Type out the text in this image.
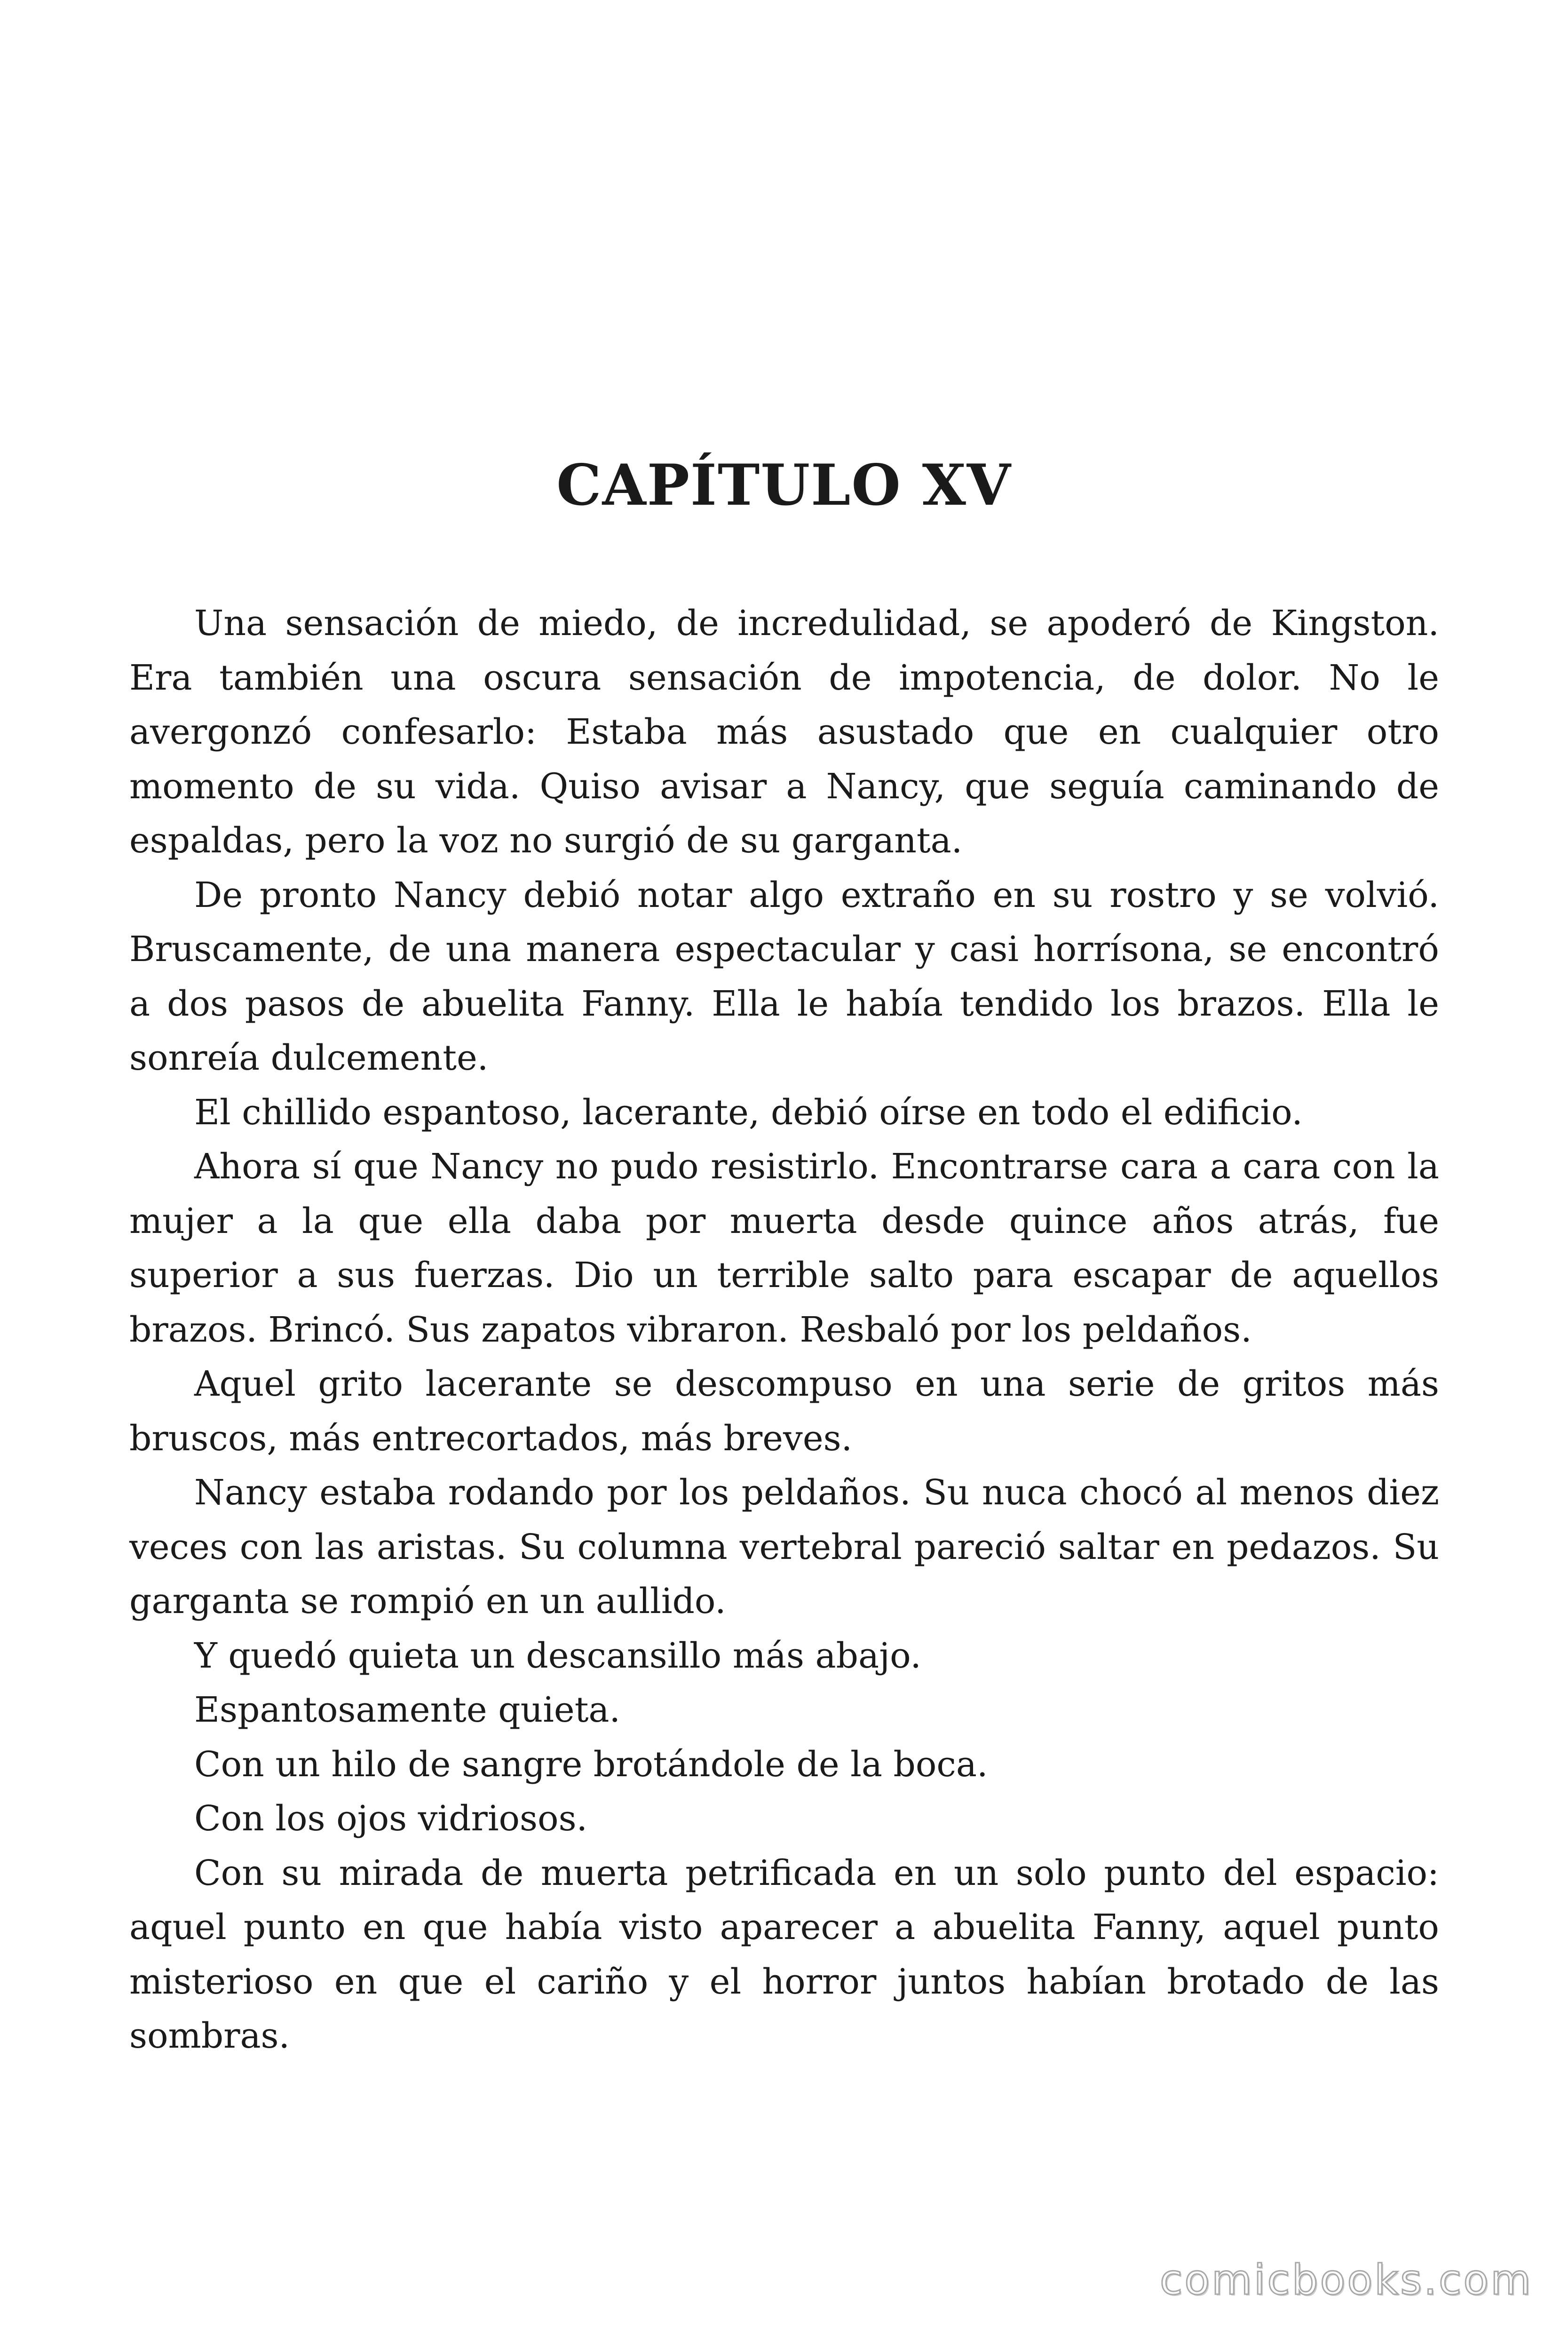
CAPÍTULO XV

Una sensación de miedo, de incredulidad, se apoderó de Kingston. Era también una oscura sensación de impotencia, de dolor. No le avergonzó confesarlo: Estaba más asustado que en cualquier otro momento de su vida. Quiso avisar a Nancy, que seguía caminando de espaldas, pero la voz no surgió de su garganta.

De pronto Nancy debió notar algo extraño en su rostro y se volvió. Bruscamente, de una manera espectacular y casi horrísona, se encontró a dos pasos de abuelita Fanny. Ella le había tendido los brazos. Ella le sonreía dulcemente.

El chillido espantoso, lacerante, debió oírse en todo el edificio.

Ahora sí que Nancy no pudo resistirlo. Encontrarse cara a cara con la mujer a la que ella daba por muerta desde quince años atrás, fue superior a sus fuerzas. Dio un terrible salto para escapar de aquellos brazos. Brincó. Sus zapatos vibraron. Resbaló por los peldaños.

Aquel grito lacerante se descompuso en una serie de gritos más bruscos, más entrecortados, más breves.

Nancy estaba rodando por los peldaños. Su nuca chocó al menos diez veces con las aristas. Su columna vertebral pareció saltar en pedazos. Su garganta se rompió en un aullido.

Y quedó quieta un descansillo más abajo.

Espantosamente quieta.

Con un hilo de sangre brotándole de la boca.

Con los ojos vidriosos.

Con su mirada de muerta petrificada en un solo punto del espacio: aquel punto en que había visto aparecer a abuelita Fanny, aquel punto misterioso en que el cariño y el horror juntos habían brotado de las sombras.

comicbooks.com
